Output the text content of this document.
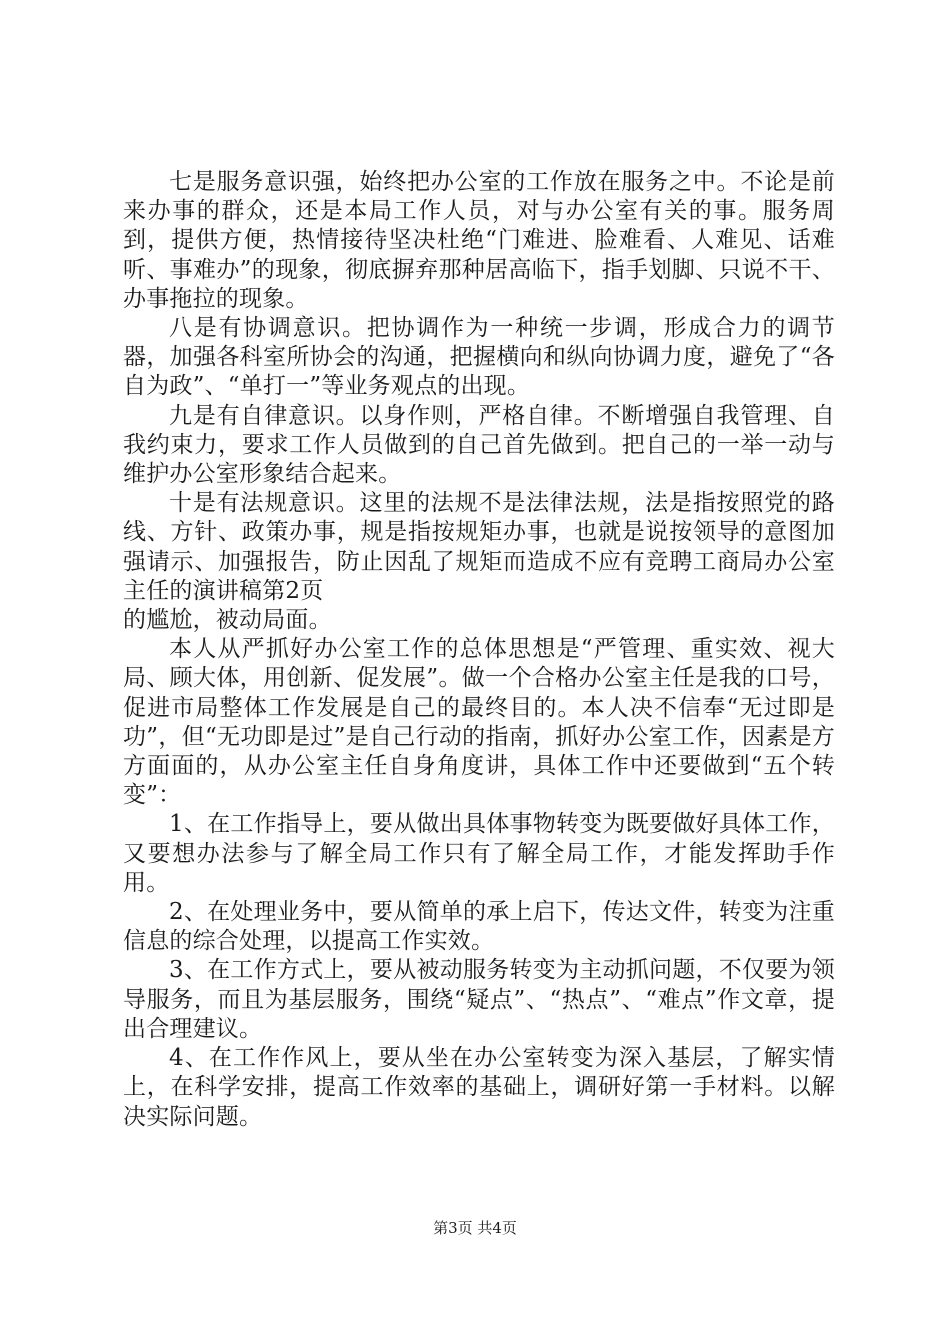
七是服务意识强，始终把办公室的工作放在服务之中。不论是前来办事的群众，还是本局工作人员，对与办公室有关的事。服务周到，提供方便，热情接待坚决杜绝“门难进、脸难看、人难见、话难听、事难办”的现象，彻底摒弃那种居高临下，指手划脚、只说不干、办事拖拉的现象。

八是有协调意识。把协调作为一种统一步调，形成合力的调节器，加强各科室所协会的沟通，把握横向和纵向协调力度，避免了“各自为政”、“单打一”等业务观点的出现。

九是有自律意识。以身作则，严格自律。不断增强自我管理、自我约束力，要求工作人员做到的自己首先做到。把自己的一举一动与维护办公室形象结合起来。

十是有法规意识。这里的法规不是法律法规，法是指按照党的路线、方针、政策办事，规是指按规矩办事，也就是说按领导的意图加强请示、加强报告，防止因乱了规矩而造成不应有竞聘工商局办公室主任的演讲稿第2页

的尴尬，被动局面。

本人从严抓好办公室工作的总体思想是“严管理、重实效、视大局、顾大体，用创新、促发展”。做一个合格办公室主任是我的口号，促进市局整体工作发展是自己的最终目的。本人决不信奉“无过即是功”，但“无功即是过”是自己行动的指南，抓好办公室工作，因素是方方面面的，从办公室主任自身角度讲，具体工作中还要做到“五个转变”：

1、在工作指导上，要从做出具体事物转变为既要做好具体工作，又要想办法参与了解全局工作只有了解全局工作，才能发挥助手作用。

2、在处理业务中，要从简单的承上启下，传达文件，转变为注重信息的综合处理，以提高工作实效。

3、在工作方式上，要从被动服务转变为主动抓问题，不仅要为领导服务，而且为基层服务，围绕“疑点”、“热点”、“难点”作文章，提出合理建议。

4、在工作作风上，要从坐在办公室转变为深入基层，了解实情上，在科学安排，提高工作效率的基础上，调研好第一手材料。以解决实际问题。

第3页 共4页
